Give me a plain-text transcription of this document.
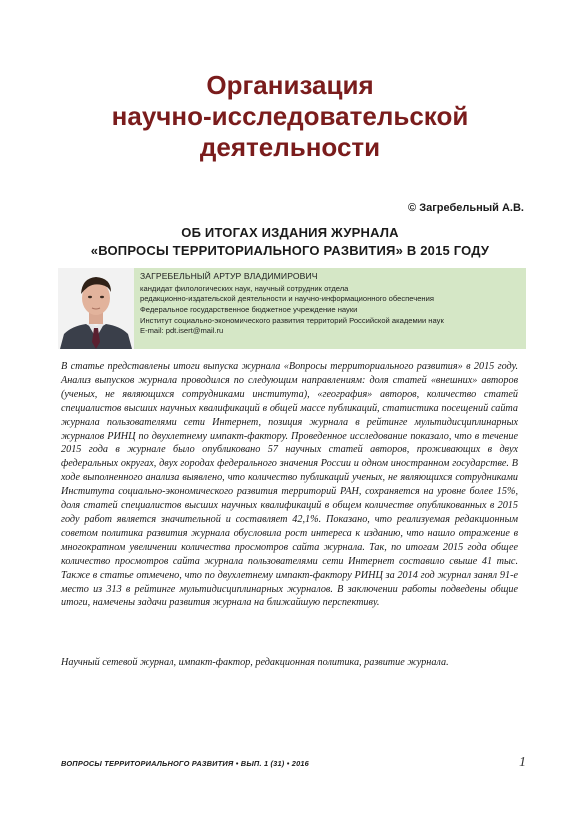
Организация
научно-исследовательской
деятельности
© Загребельный А.В.
ОБ ИТОГАХ ИЗДАНИЯ ЖУРНАЛА
«ВОПРОСЫ ТЕРРИТОРИАЛЬНОГО РАЗВИТИЯ» В 2015 ГОДУ
ЗАГРЕБЕЛЬНЫЙ АРТУР ВЛАДИМИРОВИЧ
кандидат филологических наук, научный сотрудник отдела
редакционно-издательской деятельности и научно-информационного обеспечения
Федеральное государственное бюджетное учреждение науки
Институт социально-экономического развития территорий Российской академии наук
E-mail: pdt.isert@mail.ru

В статье представлены итоги выпуска журнала «Вопросы территориального развития» в 2015 году. Анализ выпусков журнала проводился по следующим направлениям: доля статей «внешних» авторов (ученых, не являющихся сотрудниками института), «география» авторов, количество статей специалистов высших научных квалификаций в общей массе публикаций, статистика посещений сайта журнала пользователями сети Интернет, позиция журнала в рейтинге мультидисциплинарных журналов РИНЦ по двухлетнему импакт-фактору. Проведенное исследование показало, что в течение 2015 года в журнале было опубликовано 57 научных статей авторов, проживающих в двух федеральных округах, двух городах федерального значения России и одном иностранном государстве. В ходе выполненного анализа выявлено, что количество публикаций ученых, не являющихся сотрудниками Института социально-экономического развития территорий РАН, сохраняется на уровне более 15%, доля статей специалистов высших научных квалификаций в общем количестве опубликованных в 2015 году работ является значительной и составляет 42,1%. Показано, что реализуемая редакционным советом политика развития журнала обусловила рост интереса к изданию, что нашло отражение в многократном увеличении количества просмотров сайта журнала. Так, по итогам 2015 года общее количество просмотров сайта журнала пользователями сети Интернет составило свыше 41 тыс. Также в статье отмечено, что по двухлетнему импакт-фактору РИНЦ за 2014 год журнал занял 91-е место из 313 в рейтинге мультидисциплинарных журналов. В заключении работы подведены общие итоги, намечены задачи развития журнала на ближайшую перспективу.

Научный сетевой журнал, импакт-фактор, редакционная политика, развитие журнала.

ВОПРОСЫ ТЕРРИТОРИАЛЬНОГО РАЗВИТИЯ • ВЫП. 1 (31) • 2016	1
